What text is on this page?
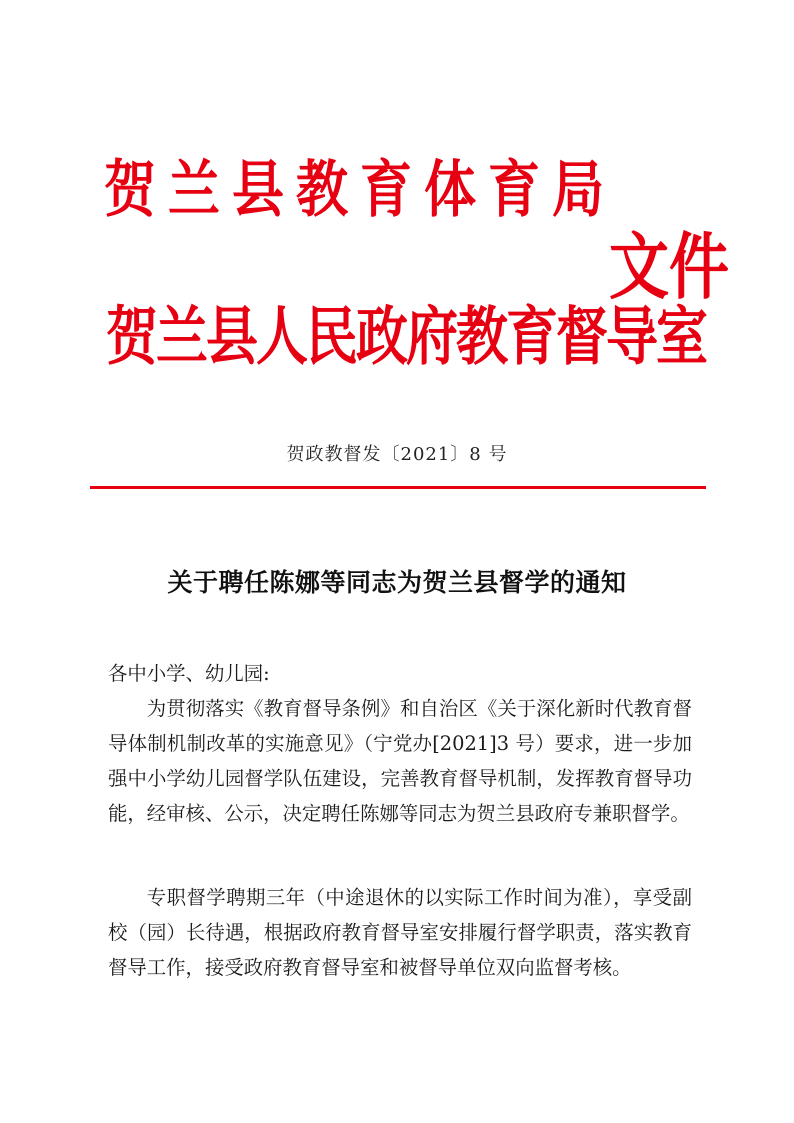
贺兰县教育体育局
文件
贺兰县人民政府教育督导室
贺政教督发〔2021〕8 号
关于聘任陈娜等同志为贺兰县督学的通知
各中小学、幼儿园:
为贯彻落实《教育督导条例》和自治区《关于深化新时代教育督导体制机制改革的实施意见》（宁党办[2021]3 号）要求，进一步加强中小学幼儿园督学队伍建设，完善教育督导机制，发挥教育督导功能，经审核、公示，决定聘任陈娜等同志为贺兰县政府专兼职督学。
专职督学聘期三年（中途退休的以实际工作时间为准），享受副校（园）长待遇，根据政府教育督导室安排履行督学职责，落实教育督导工作，接受政府教育督导室和被督导单位双向监督考核。
